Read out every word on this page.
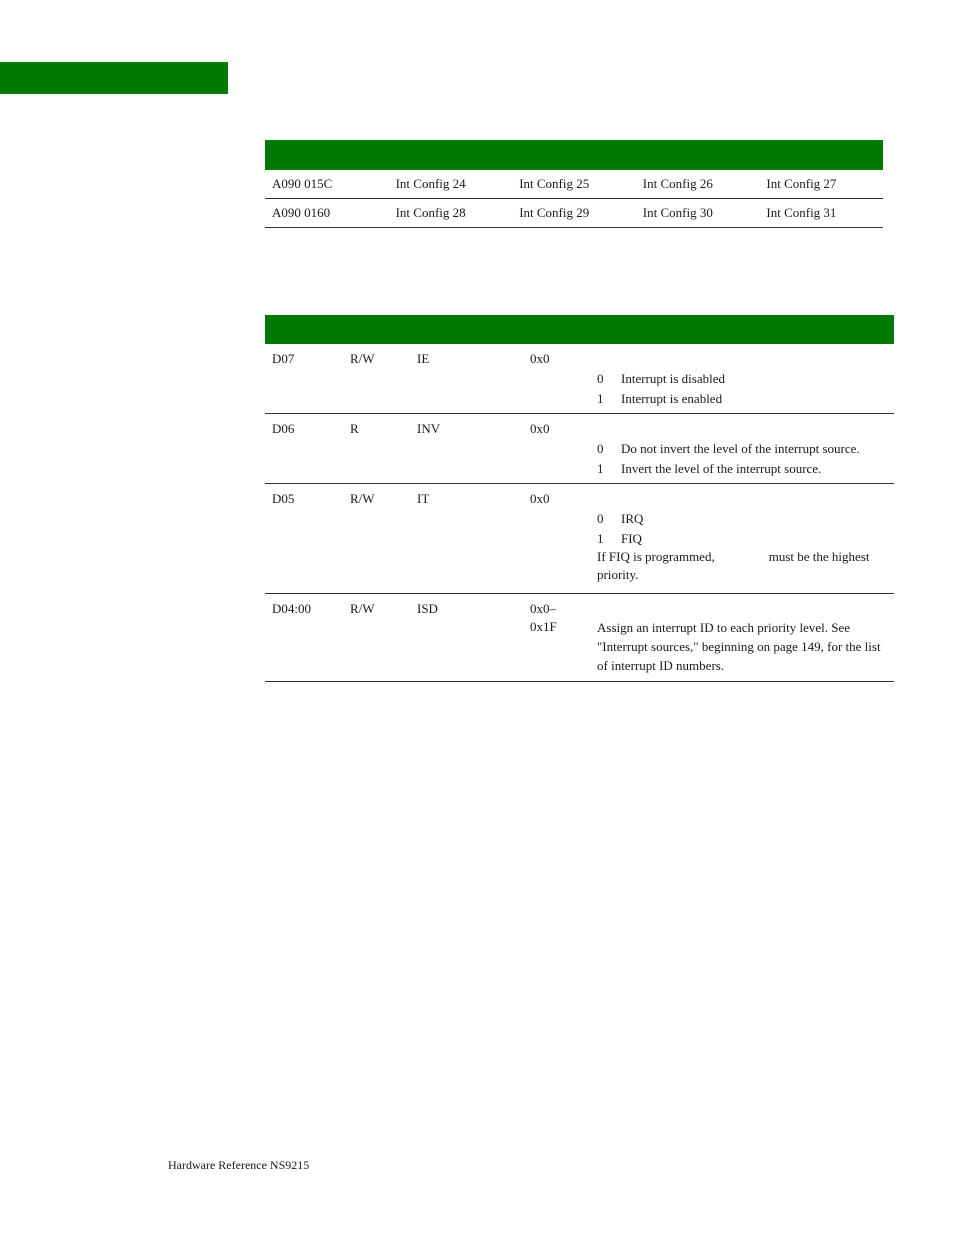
A090 015C	Int Config 24	Int Config 25	Int Config 26	Int Config 27
A090 0160	Int Config 28	Int Config 29	Int Config 30	Int Config 31
D07	R/W	IE	0x0
0	Interrupt is disabled
1	Interrupt is enabled
D06	R	INV	0x0
0	Do not invert the level of the interrupt source.
1	Invert the level of the interrupt source.
D05	R/W	IT	0x0
0	IRQ
1	FIQ
If FIQ is programmed,	must be the highest
priority.
D04:00	R/W	ISD	0x0–
0x1F	Assign an interrupt ID to each priority level. See "Interrupt sources," beginning on page 149, for the list of interrupt ID numbers.
Hardware Reference NS9215
